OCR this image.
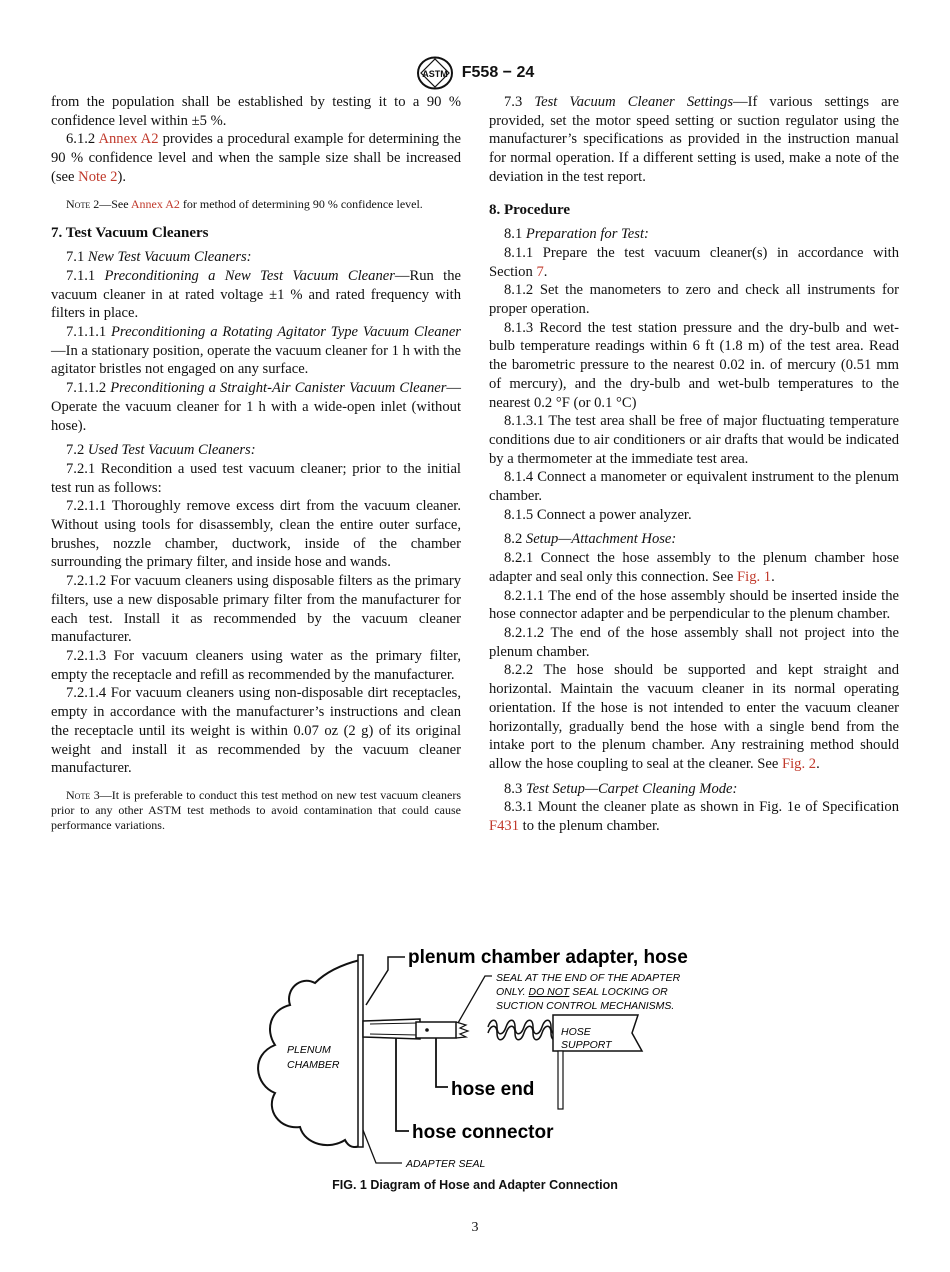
ASTM F558 − 24

from the population shall be established by testing it to a 90 % confidence level within ±5 %.

6.1.2 Annex A2 provides a procedural example for determining the 90 % confidence level and when the sample size shall be increased (see Note 2).

Note 2—See Annex A2 for method of determining 90 % confidence level.

7. Test Vacuum Cleaners

7.1 New Test Vacuum Cleaners:

7.1.1 Preconditioning a New Test Vacuum Cleaner—Run the vacuum cleaner in at rated voltage ±1 % and rated frequency with filters in place.

7.1.1.1 Preconditioning a Rotating Agitator Type Vacuum Cleaner—In a stationary position, operate the vacuum cleaner for 1 h with the agitator bristles not engaged on any surface.

7.1.1.2 Preconditioning a Straight-Air Canister Vacuum Cleaner—Operate the vacuum cleaner for 1 h with a wide-open inlet (without hose).

7.2 Used Test Vacuum Cleaners:

7.2.1 Recondition a used test vacuum cleaner; prior to the initial test run as follows:

7.2.1.1 Thoroughly remove excess dirt from the vacuum cleaner. Without using tools for disassembly, clean the entire outer surface, brushes, nozzle chamber, ductwork, inside of the chamber surrounding the primary filter, and inside hose and wands.

7.2.1.2 For vacuum cleaners using disposable filters as the primary filters, use a new disposable primary filter from the manufacturer for each test. Install it as recommended by the vacuum cleaner manufacturer.

7.2.1.3 For vacuum cleaners using water as the primary filter, empty the receptacle and refill as recommended by the manufacturer.

7.2.1.4 For vacuum cleaners using non-disposable dirt receptacles, empty in accordance with the manufacturer’s instructions and clean the receptacle until its weight is within 0.07 oz (2 g) of its original weight and install it as recommended by the vacuum cleaner manufacturer.

Note 3—It is preferable to conduct this test method on new test vacuum cleaners prior to any other ASTM test methods to avoid contamination that could cause performance variations.

7.3 Test Vacuum Cleaner Settings—If various settings are provided, set the motor speed setting or suction regulator using the manufacturer’s specifications as provided in the instruction manual for normal operation. If a different setting is used, make a note of the deviation in the test report.

8. Procedure

8.1 Preparation for Test:

8.1.1 Prepare the test vacuum cleaner(s) in accordance with Section 7.

8.1.2 Set the manometers to zero and check all instruments for proper operation.

8.1.3 Record the test station pressure and the dry-bulb and wet-bulb temperature readings within 6 ft (1.8 m) of the test area. Read the barometric pressure to the nearest 0.02 in. of mercury (0.51 mm of mercury), and the dry-bulb and wet-bulb temperatures to the nearest 0.2 °F (or 0.1 °C)

8.1.3.1 The test area shall be free of major fluctuating temperature conditions due to air conditioners or air drafts that would be indicated by a thermometer at the immediate test area.

8.1.4 Connect a manometer or equivalent instrument to the plenum chamber.

8.1.5 Connect a power analyzer.

8.2 Setup—Attachment Hose:

8.2.1 Connect the hose assembly to the plenum chamber hose adapter and seal only this connection. See Fig. 1.

8.2.1.1 The end of the hose assembly should be inserted inside the hose connector adapter and be perpendicular to the plenum chamber.

8.2.1.2 The end of the hose assembly shall not project into the plenum chamber.

8.2.2 The hose should be supported and kept straight and horizontal. Maintain the vacuum cleaner in its normal operating orientation. If the hose is not intended to enter the vacuum cleaner horizontally, gradually bend the hose with a single bend from the intake port to the plenum chamber. Any restraining method should allow the hose coupling to seal at the cleaner. See Fig. 2.

8.3 Test Setup—Carpet Cleaning Mode:

8.3.1 Mount the cleaner plate as shown in Fig. 1e of Specification F431 to the plenum chamber.

PLENUM
CHAMBER
HOSE
SUPPORT
plenum chamber adapter, hose
SEAL AT THE END OF THE ADAPTER
ONLY. DO NOT SEAL LOCKING OR
SUCTION CONTROL MECHANISMS.
hose end
hose connector
ADAPTER SEAL
FIG. 1 Diagram of Hose and Adapter Connection
3
